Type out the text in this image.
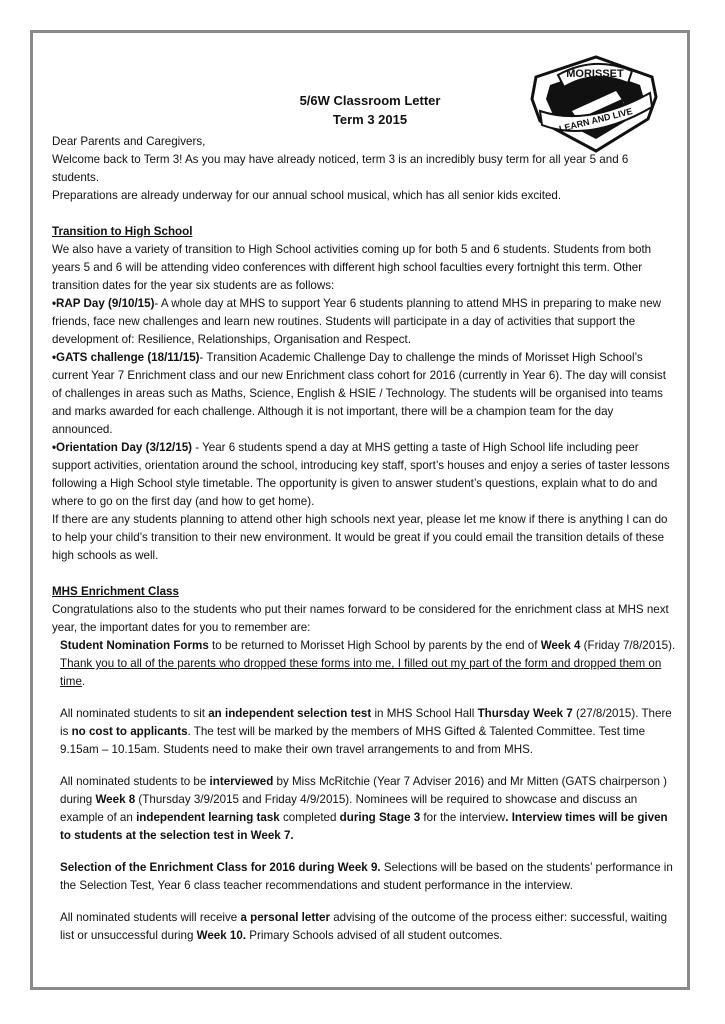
MORISSET
LEARN AND LIVE
5/6W Classroom Letter
Term 3 2015

Dear Parents and Caregivers,

Welcome back to Term 3! As you may have already noticed, term 3 is an incredibly busy term for all year 5 and 6 students.

Preparations are already underway for our annual school musical, which has all senior kids excited.

Transition to High School

We also have a variety of transition to High School activities coming up for both 5 and 6 students. Students from both years 5 and 6 will be attending video conferences with different high school faculties every fortnight this term. Other transition dates for the year six students are as follows:

•RAP Day (9/10/15)- A whole day at MHS to support Year 6 students planning to attend MHS in preparing to make new friends, face new challenges and learn new routines. Students will participate in a day of activities that support the development of: Resilience, Relationships, Organisation and Respect.

•GATS challenge (18/11/15)- Transition Academic Challenge Day to challenge the minds of Morisset High School’s current Year 7 Enrichment class and our new Enrichment class cohort for 2016 (currently in Year 6). The day will consist of challenges in areas such as Maths, Science, English & HSIE / Technology. The students will be organised into teams and marks awarded for each challenge. Although it is not important, there will be a champion team for the day announced.

•Orientation Day (3/12/15) - Year 6 students spend a day at MHS getting a taste of High School life including peer support activities, orientation around the school, introducing key staff, sport’s houses and enjoy a series of taster lessons following a High School style timetable. The opportunity is given to answer student’s questions, explain what to do and where to go on the first day (and how to get home).

If there are any students planning to attend other high schools next year, please let me know if there is anything I can do to help your child’s transition to their new environment. It would be great if you could email the transition details of these high schools as well.

MHS Enrichment Class

Congratulations also to the students who put their names forward to be considered for the enrichment class at MHS next year, the important dates for you to remember are:

Student Nomination Forms to be returned to Morisset High School by parents by the end of Week 4 (Friday 7/8/2015). Thank you to all of the parents who dropped these forms into me, I filled out my part of the form and dropped them on time.

All nominated students to sit an independent selection test in MHS School Hall Thursday Week 7 (27/8/2015). There is no cost to applicants. The test will be marked by the members of MHS Gifted & Talented Committee. Test time 9.15am – 10.15am. Students need to make their own travel arrangements to and from MHS.

All nominated students to be interviewed by Miss McRitchie (Year 7 Adviser 2016) and Mr Mitten (GATS chairperson ) during Week 8 (Thursday 3/9/2015 and Friday 4/9/2015). Nominees will be required to showcase and discuss an example of an independent learning task completed during Stage 3 for the interview. Interview times will be given to students at the selection test in Week 7.

Selection of the Enrichment Class for 2016 during Week 9. Selections will be based on the students’ performance in the Selection Test, Year 6 class teacher recommendations and student performance in the interview.

All nominated students will receive a personal letter advising of the outcome of the process either: successful, waiting list or unsuccessful during Week 10. Primary Schools advised of all student outcomes.
